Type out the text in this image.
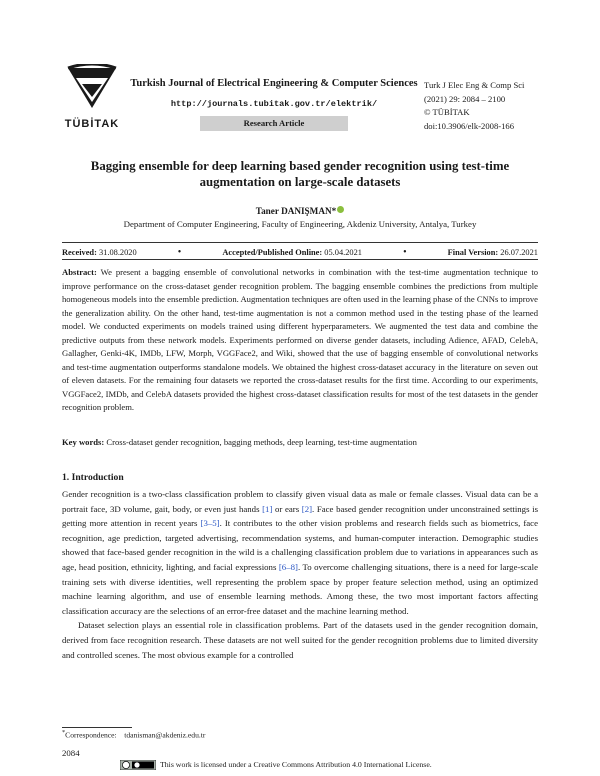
TÜBİTAK
Turkish Journal of Electrical Engineering & Computer Sciences
http://journals.tubitak.gov.tr/elektrik/
Research Article
Turk J Elec Eng & Comp Sci
(2021) 29: 2084 – 2100
© TÜBİTAK
doi:10.3906/elk-2008-166
Bagging ensemble for deep learning based gender recognition using test-time augmentation on large-scale datasets
Taner DANIŞMAN*
Department of Computer Engineering, Faculty of Engineering, Akdeniz University, Antalya, Turkey
Received: 31.08.2020	•	Accepted/Published Online: 05.04.2021	•	Final Version: 26.07.2021
Abstract: We present a bagging ensemble of convolutional networks in combination with the test-time augmentation technique to improve performance on the cross-dataset gender recognition problem. The bagging ensemble combines the predictions from multiple homogeneous models into the ensemble prediction. Augmentation techniques are often used in the learning phase of the CNNs to improve the generalization ability. On the other hand, test-time augmentation is not a common method used in the testing phase of the learned model. We conducted experiments on models trained using different hyperparameters. We augmented the test data and combine the predictive outputs from these network models. Experiments performed on diverse gender datasets, including Adience, AFAD, CelebA, Gallagher, Genki-4K, IMDb, LFW, Morph, VGGFace2, and Wiki, showed that the use of bagging ensemble of convolutional networks and test-time augmentation outperforms standalone models. We obtained the highest cross-dataset accuracy in the literature on seven out of eleven datasets. For the remaining four datasets we reported the cross-dataset results for the first time. According to our experiments, VGGFace2, IMDb, and CelebA datasets provided the highest cross-dataset classification results for most of the test datasets in the gender recognition problem.
Key words: Cross-dataset gender recognition, bagging methods, deep learning, test-time augmentation
1. Introduction

Gender recognition is a two-class classification problem to classify given visual data as male or female classes. Visual data can be a portrait face, 3D volume, gait, body, or even just hands [1] or ears [2]. Face based gender recognition under unconstrained settings is getting more attention in recent years [3–5]. It contributes to the other vision problems and research fields such as biometrics, face recognition, age prediction, targeted advertising, recommendation systems, and human-computer interaction. Demographic studies showed that face-based gender recognition in the wild is a challenging classification problem due to variations in appearances such as age, head position, ethnicity, lighting, and facial expressions [6–8]. To overcome challenging situations, there is a need for large-scale training sets with diverse identities, well representing the problem space by proper feature selection method, using an optimized machine learning algorithm, and use of ensemble learning methods. Among these, the two most important factors affecting classification accuracy are the selections of an error-free dataset and the machine learning method.

Dataset selection plays an essential role in classification problems. Part of the datasets used in the gender recognition domain, derived from face recognition research. These datasets are not well suited for the gender recognition problems due to limited diversity and controlled scenes. The most obvious example for a controlled

*Correspondence: tdanisman@akdeniz.edu.tr
2084
This work is licensed under a Creative Commons Attribution 4.0 International License.
